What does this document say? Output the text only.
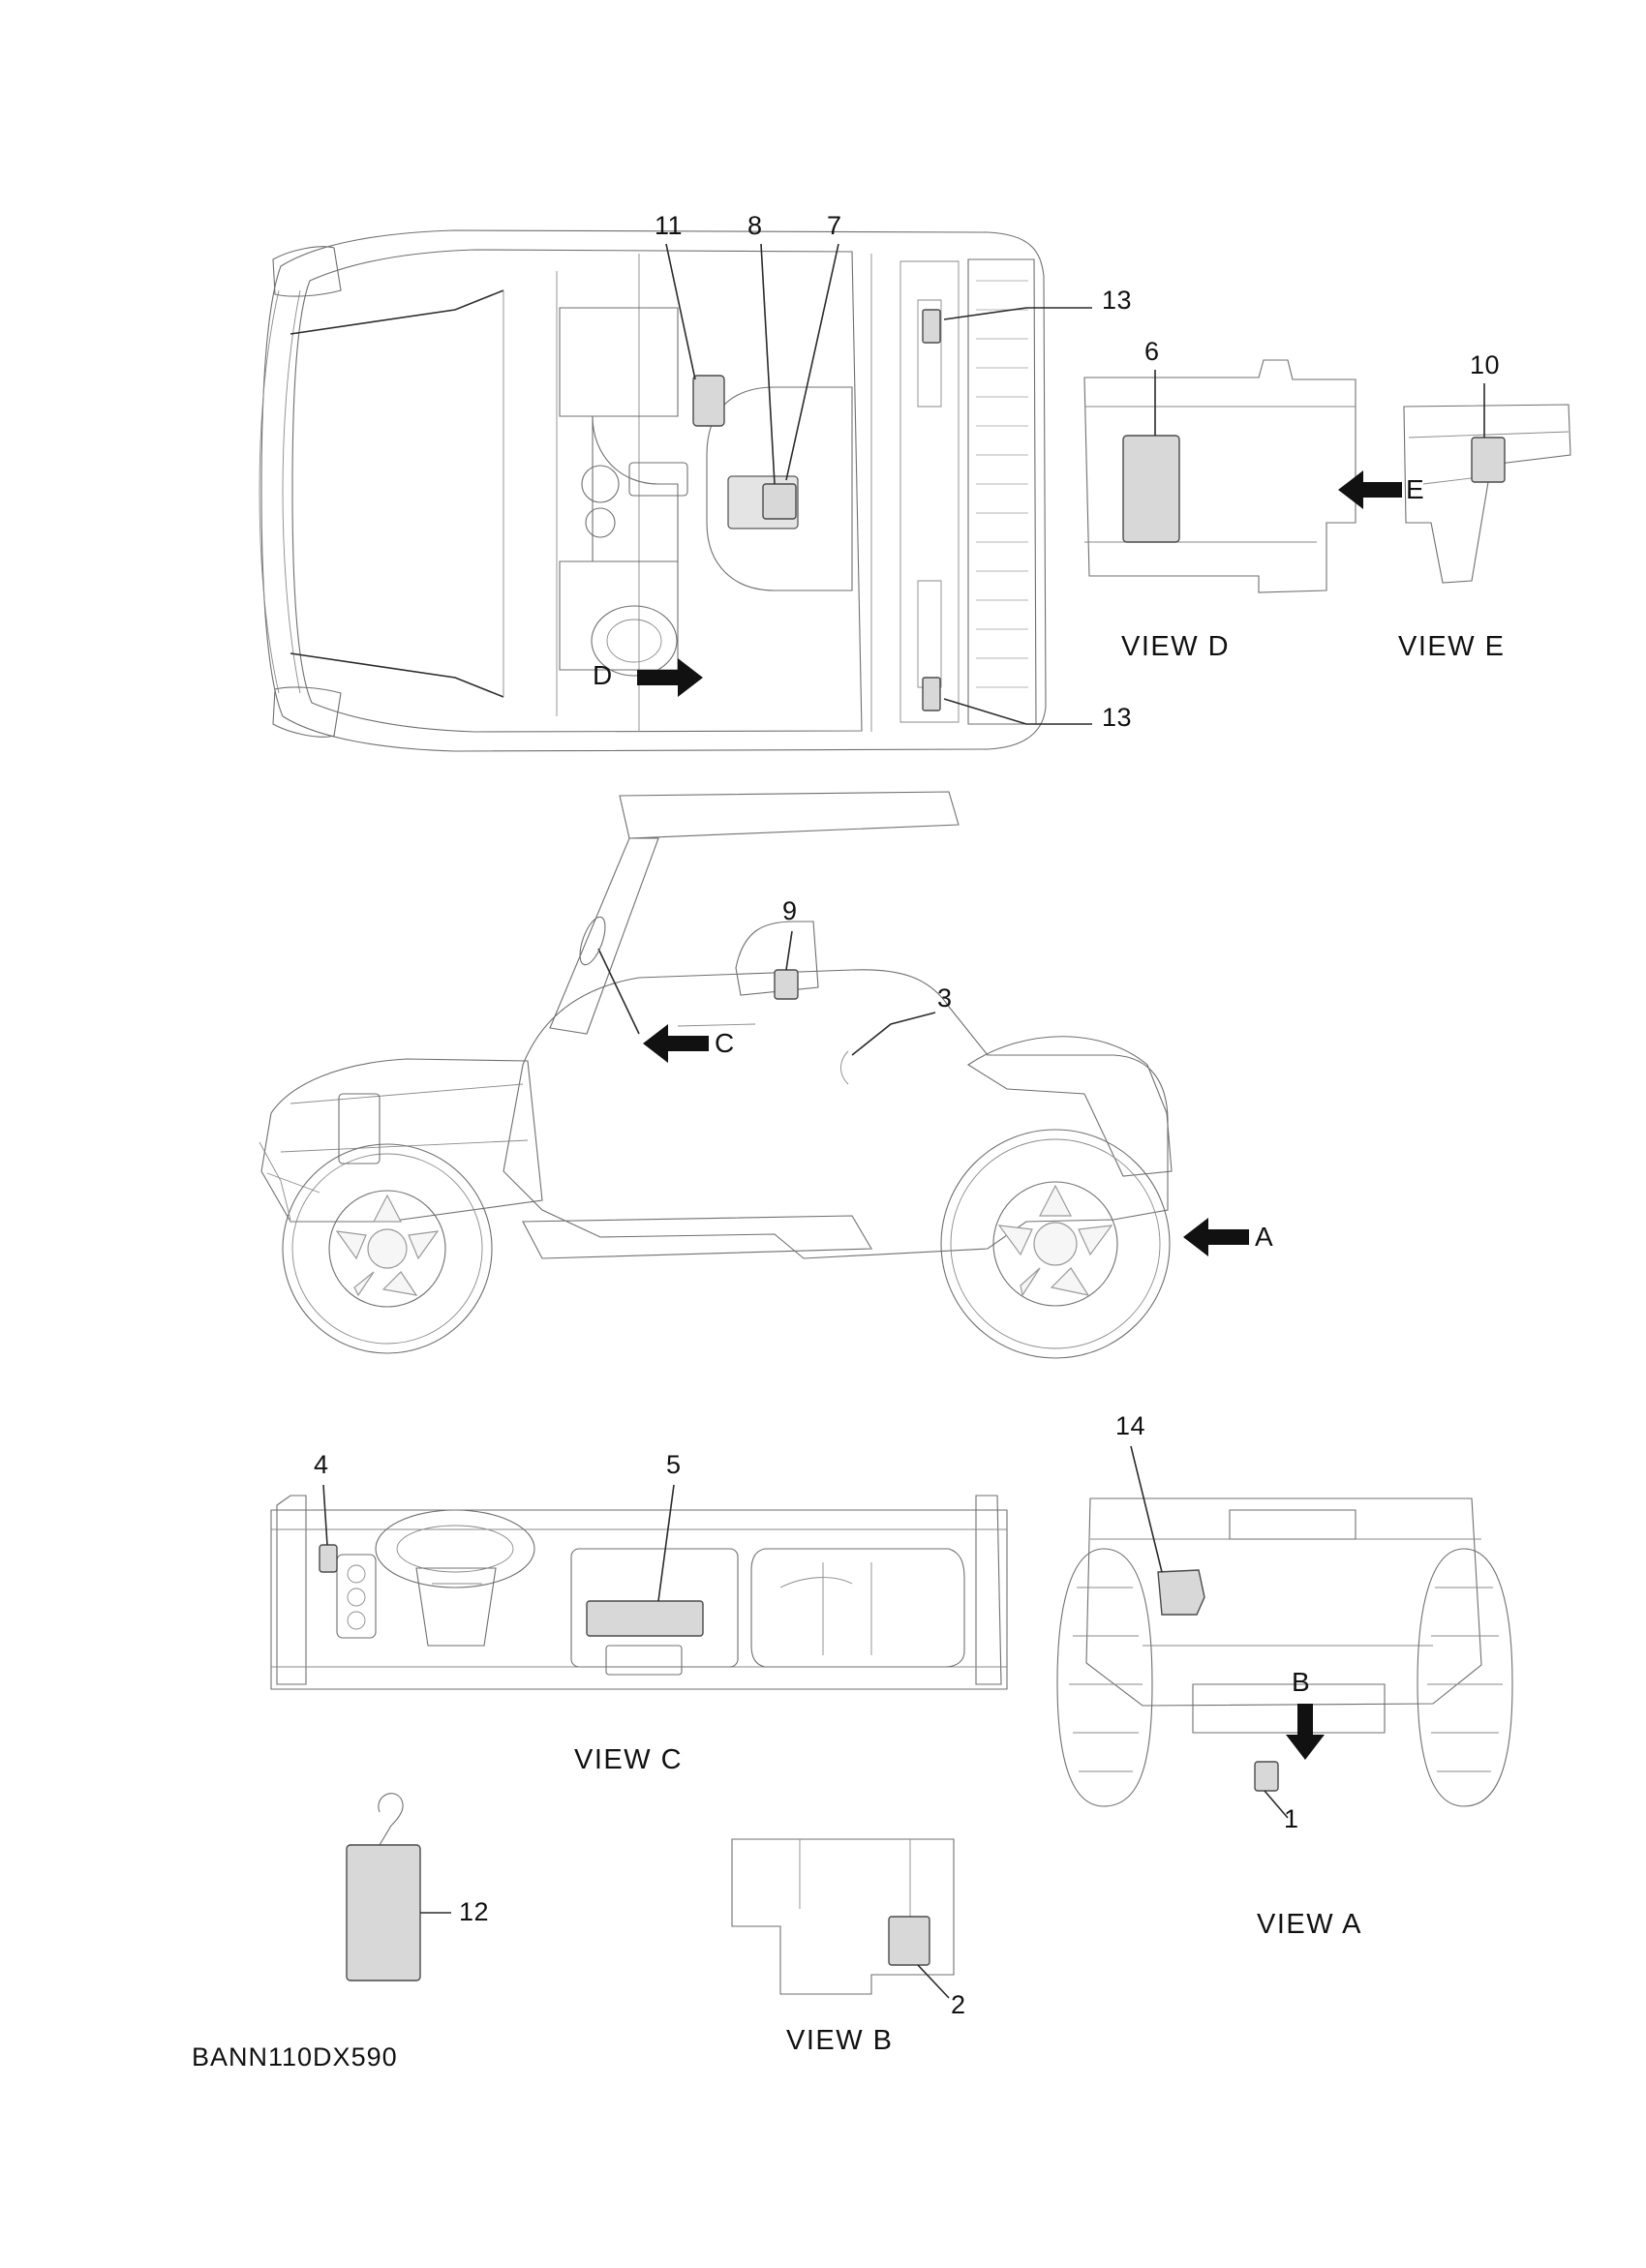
11 8 7
13
13
6	10
9
3
4	5
14
1
2
12
D
E
C
A
B
VIEW D	VIEW E
VIEW C
VIEW A
VIEW B
BANN110DX590
